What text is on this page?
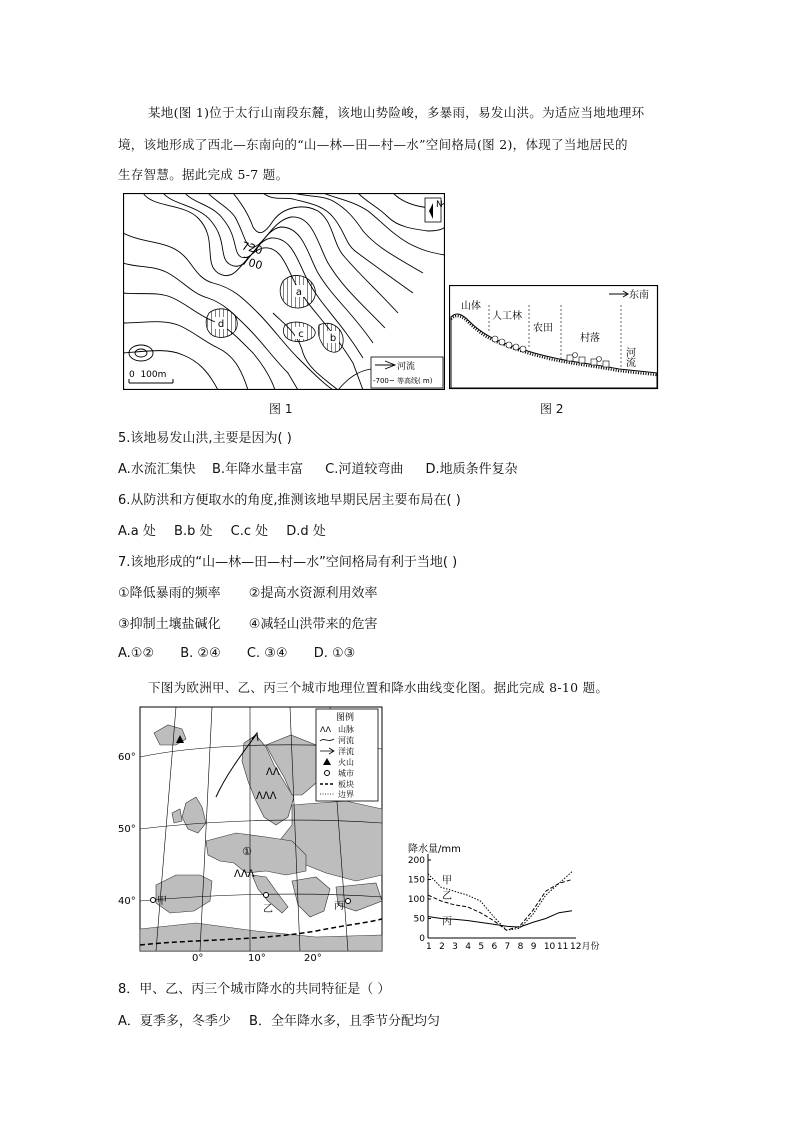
某地(图 1)位于太行山南段东麓，该地山势险峻，多暴雨，易发山洪。为适应当地地理环
境，该地形成了西北—东南向的“山—林—田—村—水”空间格局(图 2)，体现了当地居民的
生存智慧。据此完成 5-7 题。
a
d
c	b
720
700
N
0  100m
河流
-700~ 等高线( m)
东南
山体
人工林
农田
村落
河流
图 1	图 2
5.该地易发山洪,主要是因为( )
A.水流汇集快 B.年降水量丰富 C.河道较弯曲 D.地质条件复杂
6.从防洪和方便取水的角度,推测该地早期民居主要布局在( )
A.a 处 B.b 处 C.c 处 D.d 处
7.该地形成的“山—林—田—村—水”空间格局有利于当地( )
①降低暴雨的频率 ②提高水资源利用效率
③抑制土壤盐碱化 ④减轻山洪带来的危害
A.①② B. ②④ C. ③④ D. ①③
下图为欧洲甲、乙、丙三个城市地理位置和降水曲线变化图。据此完成 8-10 题。
ᐱᐱᐱ
ᐱᐱ
ᐱᐱᐱ
60°
50°
40°
0°	10°	20°
甲
乙	丙
①
图例
ᐱᐱ 山脉
河流
洋流
火山
城市
板块
边界
降水量/mm
0
50
100
150
200
1 2 3 4 5 6 7 8 9 10 11 12月份
甲
乙
丙
8．甲、乙、丙三个城市降水的共同特征是（ ）
A．夏季多，冬季少 B．全年降水多，且季节分配均匀
